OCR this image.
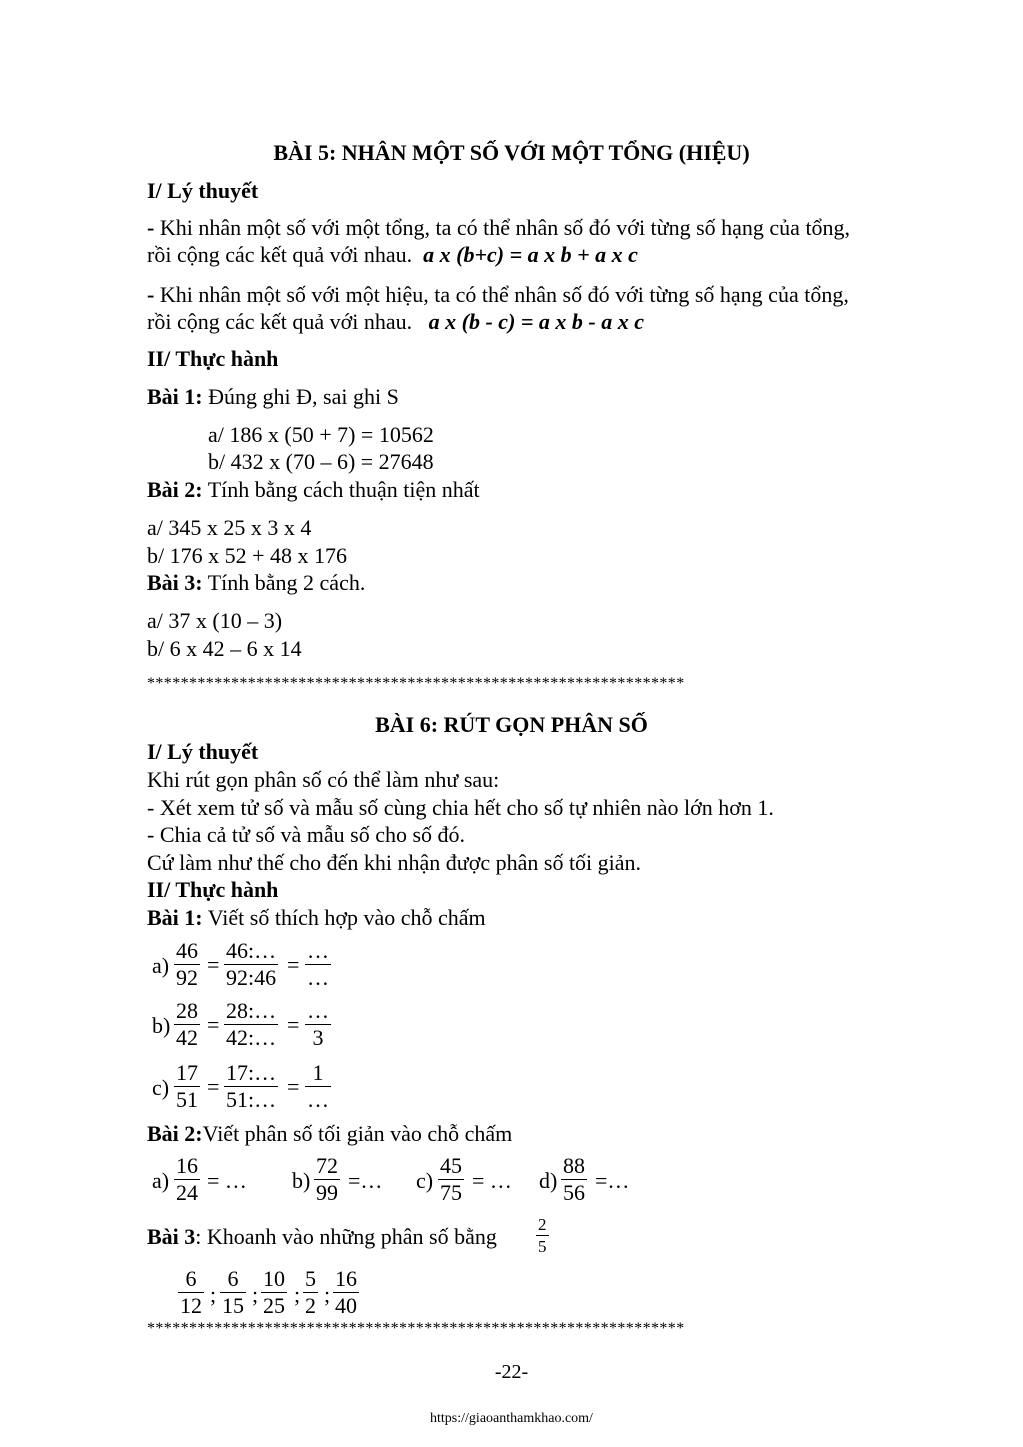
BÀI 5: NHÂN MỘT SỐ VỚI MỘT TỔNG (HIỆU)
I/ Lý thuyết
- Khi nhân một số với một tổng, ta có thể nhân số đó với từng số hạng của tổng,
rồi cộng các kết quả với nhau. a x (b+c) = a x b + a x c
- Khi nhân một số với một hiệu, ta có thể nhân số đó với từng số hạng của tổng,
rồi cộng các kết quả với nhau. a x (b - c) = a x b - a x c
II/ Thực hành
Bài 1: Đúng ghi Đ, sai ghi S
a/ 186 x (50 + 7) = 10562
b/ 432 x (70 – 6) = 27648
Bài 2: Tính bằng cách thuận tiện nhất
a/ 345 x 25 x 3 x 4
b/ 176 x 52 + 48 x 176
Bài 3: Tính bằng 2 cách.
a/ 37 x (10 – 3)
b/ 6 x 42 – 6 x 14
****************************************************************
BÀI 6: RÚT GỌN PHÂN SỐ
I/ Lý thuyết
Khi rút gọn phân số có thể làm như sau:
- Xét xem tử số và mẫu số cùng chia hết cho số tự nhiên nào lớn hơn 1.
- Chia cả tử số và mẫu số cho số đó.
Cứ làm như thế cho đến khi nhận được phân số tối giản.
II/ Thực hành
Bài 1: Viết số thích hợp vào chỗ chấm
a)
46
92
=
46:…
92:46
=
…
…
b)
28
42
=
28:…
42:…
=
…
3
c)
17
51
=
17:…
51:…
=
1
…
Bài 2:Viết phân số tối giản vào chỗ chấm
a)
16
24 = … b)
72
99 =… c)
45
75 = … d)
88
56 =…
Bài 3: Khoanh vào những phân số bằng 2
5
6
12 ;
6
15 ;
10
25 ;
5
2 ;
16
40
****************************************************************
-22-
https://giaoanthamkhao.com/
